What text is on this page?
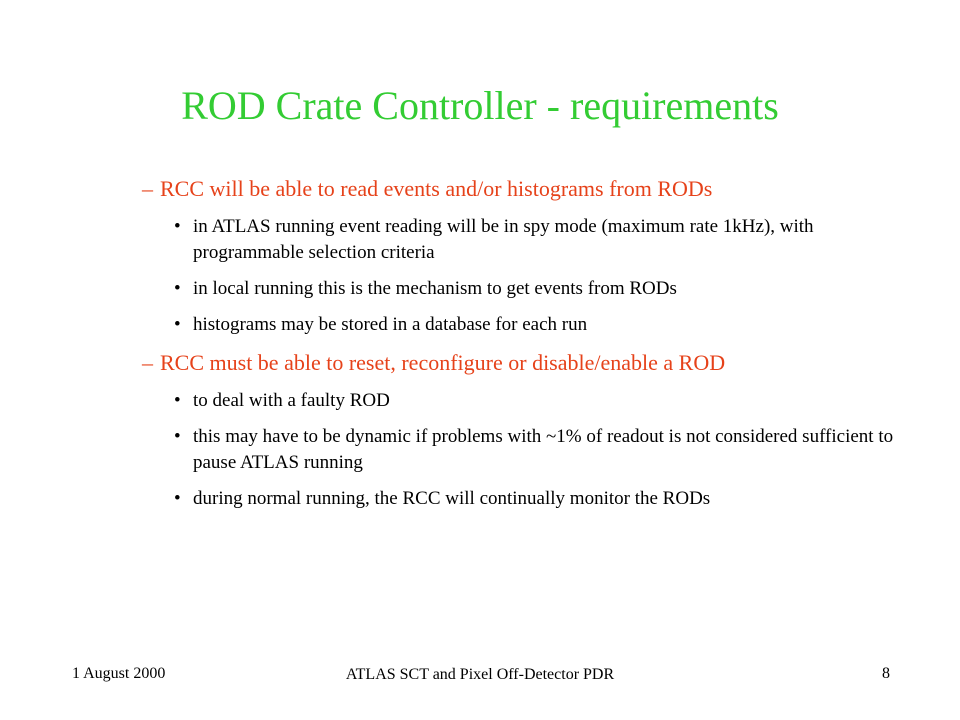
ROD Crate Controller - requirements
– RCC will be able to read events and/or histograms from RODs
• in ATLAS running event reading will be in spy mode (maximum rate 1kHz), with programmable selection criteria
• in local running this is the mechanism to get events from RODs
• histograms may be stored in a database for each run
– RCC must be able to reset, reconfigure or disable/enable a ROD
• to deal with a faulty ROD
• this may have to be dynamic if problems with ~1% of readout is not considered sufficient to pause ATLAS running
• during normal running, the RCC will continually monitor the RODs
1 August 2000	ATLAS SCT and Pixel Off-Detector PDR	8
